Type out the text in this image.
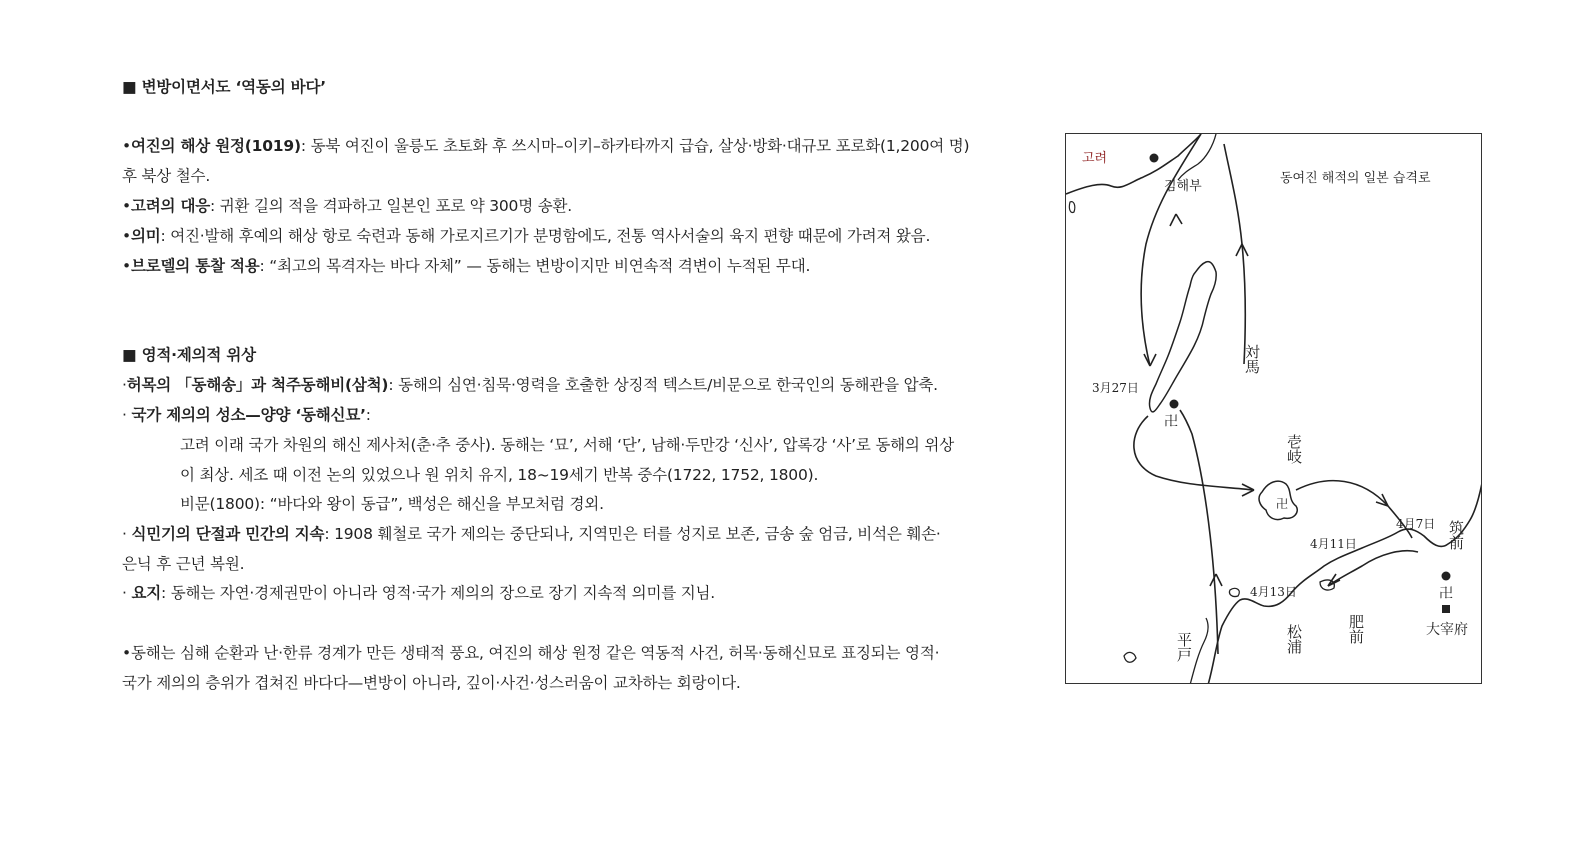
■ 변방이면서도 ‘역동의 바다’
•여진의 해상 원정(1019): 동북 여진이 울릉도 초토화 후 쓰시마–이키–하카타까지 급습, 살상·방화·대규모 포로화(1,200여 명)
후 북상 철수.
•고려의 대응: 귀환 길의 적을 격파하고 일본인 포로 약 300명 송환.
•의미: 여진·발해 후예의 해상 항로 숙련과 동해 가로지르기가 분명함에도, 전통 역사서술의 육지 편향 때문에 가려져 왔음.
•브로델의 통찰 적용: “최고의 목격자는 바다 자체” — 동해는 변방이지만 비연속적 격변이 누적된 무대.
■ 영적·제의적 위상
·허목의 「동해송」과 척주동해비(삼척): 동해의 심연·침묵·영력을 호출한 상징적 텍스트/비문으로 한국인의 동해관을 압축.
· 국가 제의의 성소—양양 ‘동해신묘’:
고려 이래 국가 차원의 해신 제사처(춘·추 중사). 동해는 ‘묘’, 서해 ‘단’, 남해·두만강 ‘신사’, 압록강 ‘사’로 동해의 위상
이 최상. 세조 때 이전 논의 있었으나 원 위치 유지, 18~19세기 반복 중수(1722, 1752, 1800).
비문(1800): “바다와 왕이 동급”, 백성은 해신을 부모처럼 경외.
· 식민기의 단절과 민간의 지속: 1908 훼철로 국가 제의는 중단되나, 지역민은 터를 성지로 보존, 금송 숲 엄금, 비석은 훼손·
은닉 후 근년 복원.
· 요지: 동해는 자연·경제권만이 아니라 영적·국가 제의의 장으로 장기 지속적 의미를 지님.
•동해는 심해 순환과 난·한류 경계가 만든 생태적 풍요, 여진의 해상 원정 같은 역동적 사건, 허목·동해신묘로 표징되는 영적·
국가 제의의 층위가 겹쳐진 바다다—변방이 아니라, 깊이·사건·성스러움이 교차하는 회랑이다.
卍
卍
卍
고려
김해부
동여진 해적의 일본 습격로
3月27日
4月7日
4月11日
4月13日
大宰府
対馬
壱岐
筑前
肥前
松浦
平戸
